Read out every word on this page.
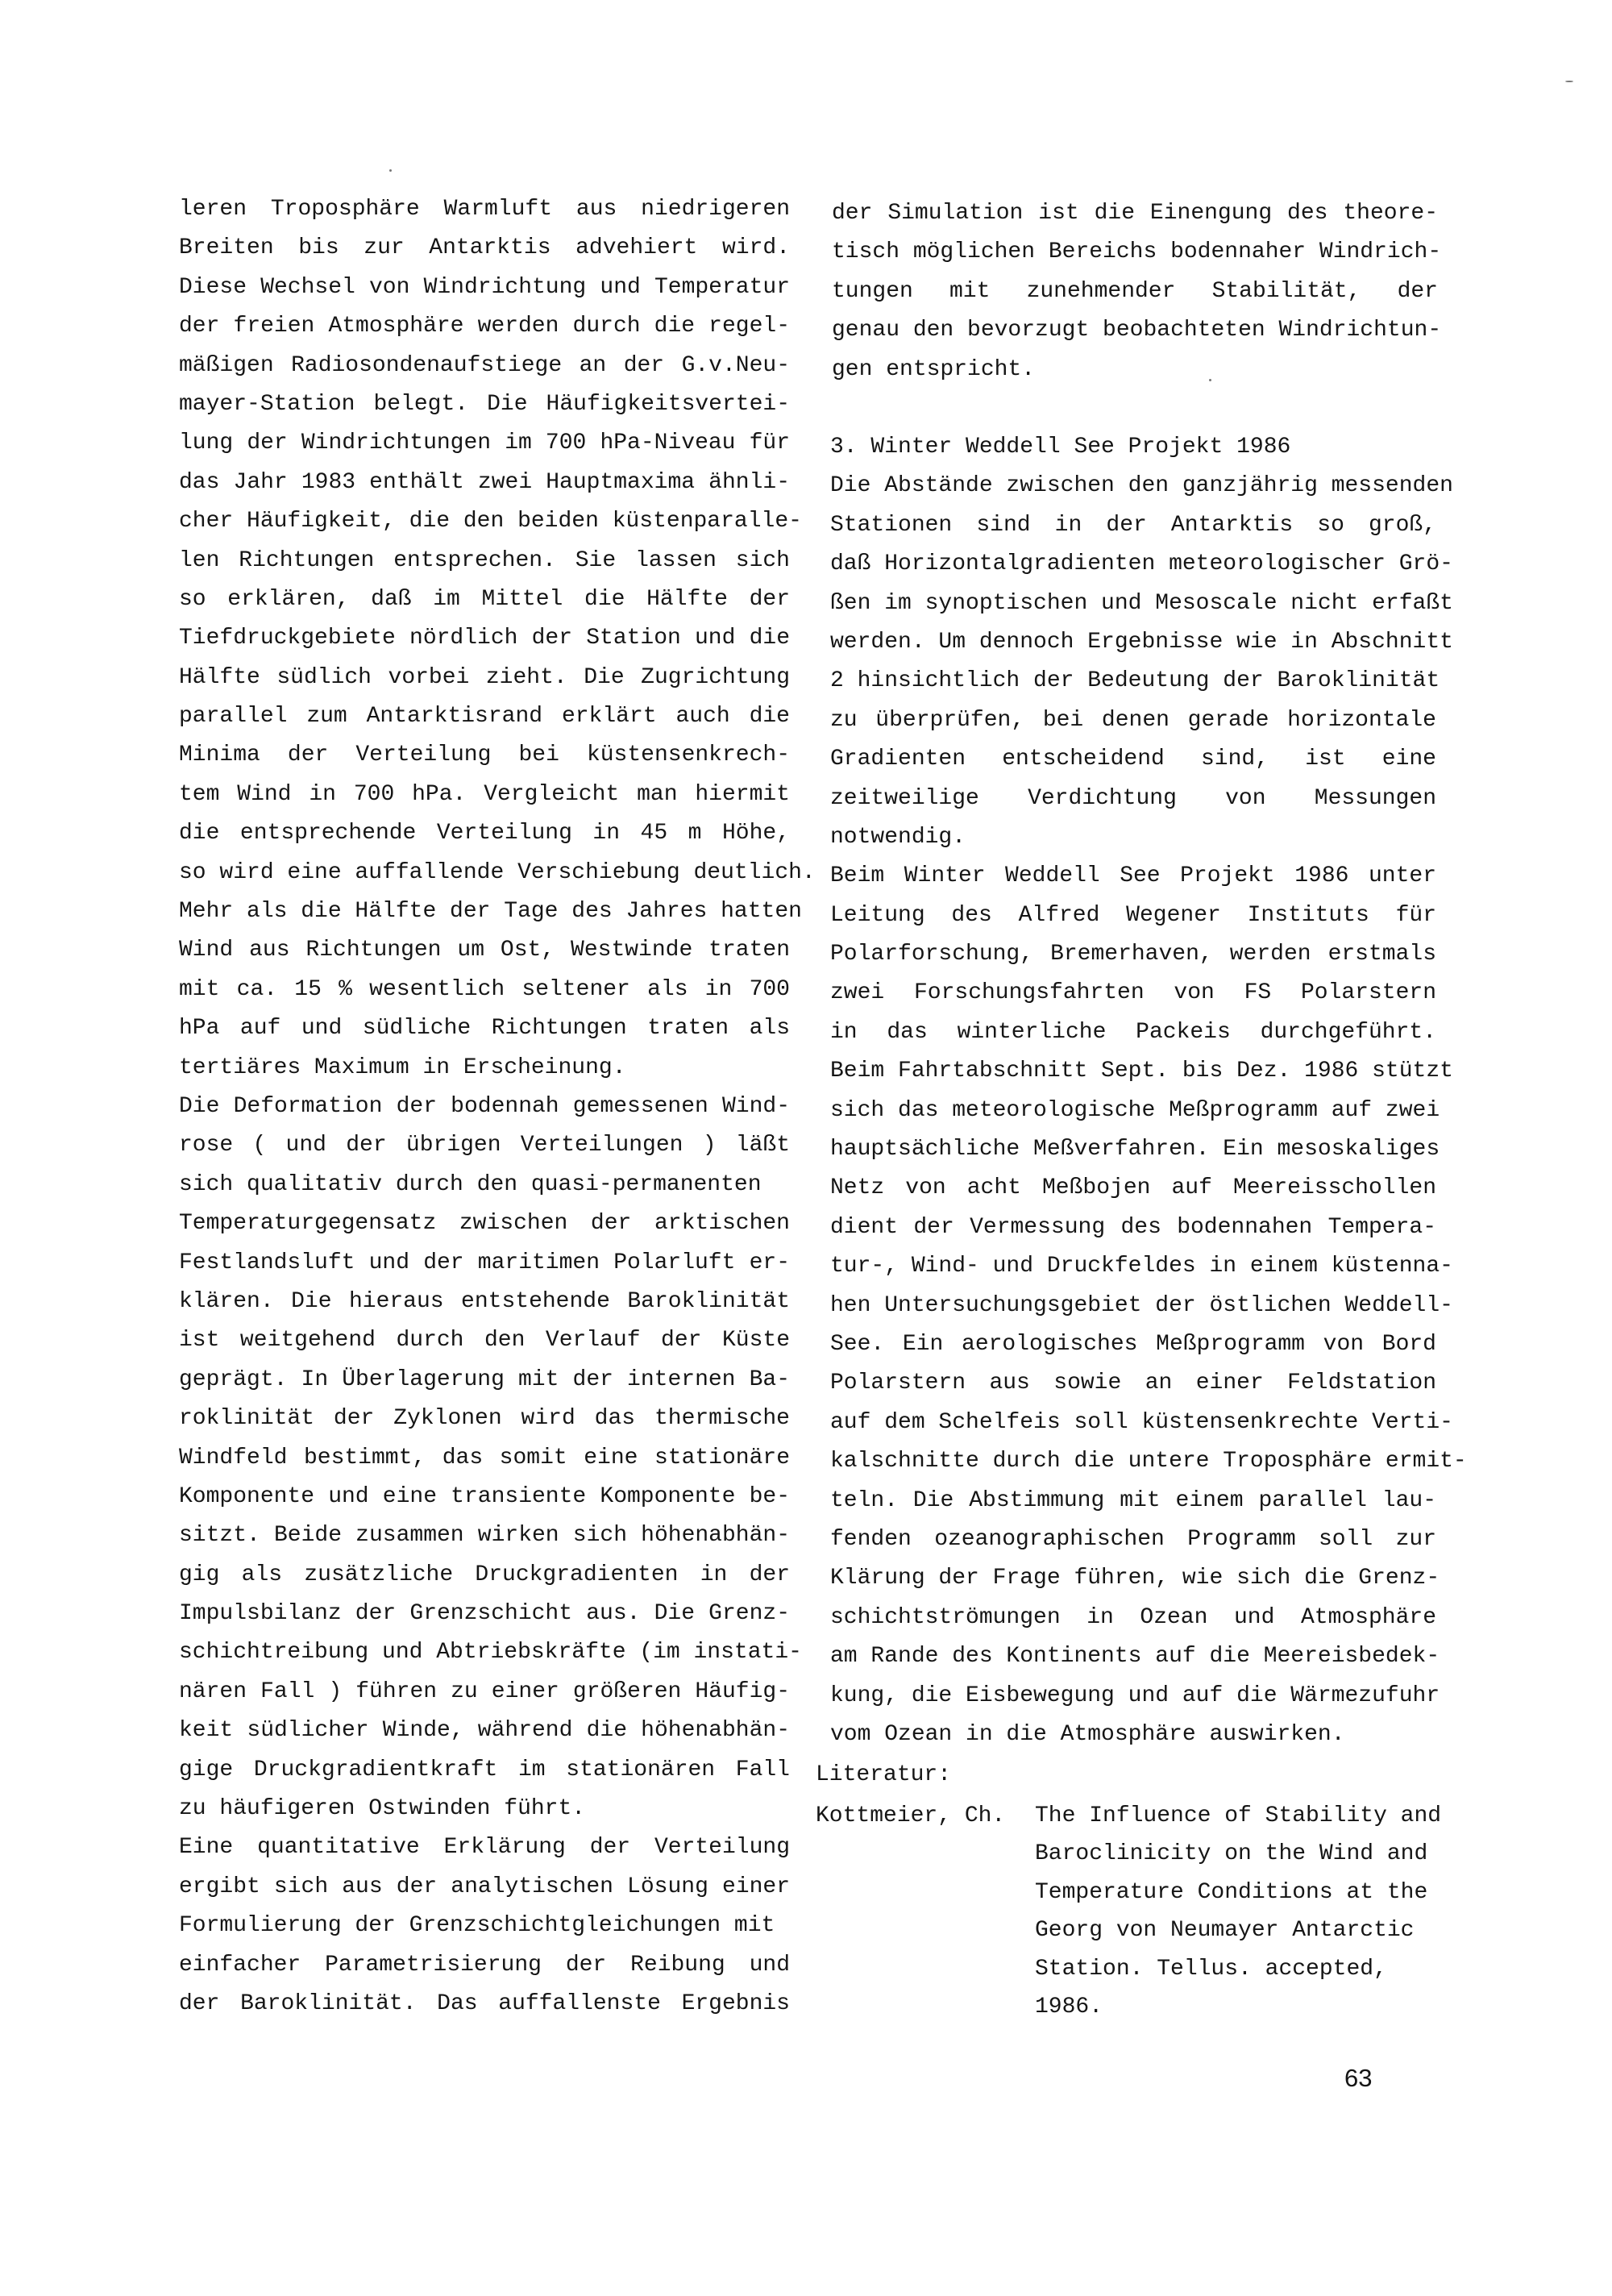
leren Troposphäre Warmluft aus niedrigeren
Breiten bis zur Antarktis advehiert wird.
Diese Wechsel von Windrichtung und Temperatur
der freien Atmosphäre werden durch die regel-
mäßigen Radiosondenaufstiege an der G.v.Neu-
mayer-Station belegt. Die Häufigkeitsvertei-
lung der Windrichtungen im 700 hPa-Niveau für
das Jahr 1983 enthält zwei Hauptmaxima ähnli-
cher Häufigkeit, die den beiden küstenparalle-
len Richtungen entsprechen. Sie lassen sich
so erklären, daß im Mittel die Hälfte der
Tiefdruckgebiete nördlich der Station und die
Hälfte südlich vorbei zieht. Die Zugrichtung
parallel zum Antarktisrand erklärt auch die
Minima der Verteilung bei küstensenkrech-
tem Wind in 700 hPa. Vergleicht man hiermit
die entsprechende Verteilung in 45 m Höhe,
so wird eine auffallende Verschiebung deutlich.
Mehr als die Hälfte der Tage des Jahres hatten
Wind aus Richtungen um Ost, Westwinde traten
mit ca. 15 % wesentlich seltener als in 700
hPa auf und südliche Richtungen traten als
tertiäres Maximum in Erscheinung.
Die Deformation der bodennah gemessenen Wind-
rose ( und der übrigen Verteilungen ) läßt
sich qualitativ durch den quasi-permanenten
Temperaturgegensatz zwischen der arktischen
Festlandsluft und der maritimen Polarluft er-
klären. Die hieraus entstehende Baroklinität
ist weitgehend durch den Verlauf der Küste
geprägt. In Überlagerung mit der internen Ba-
roklinität der Zyklonen wird das thermische
Windfeld bestimmt, das somit eine stationäre
Komponente und eine transiente Komponente be-
sitzt. Beide zusammen wirken sich höhenabhän-
gig als zusätzliche Druckgradienten in der
Impulsbilanz der Grenzschicht aus. Die Grenz-
schichtreibung und Abtriebskräfte (im instati-
nären Fall ) führen zu einer größeren Häufig-
keit südlicher Winde, während die höhenabhän-
gige Druckgradientkraft im stationären Fall
zu häufigeren Ostwinden führt.
Eine quantitative Erklärung der Verteilung
ergibt sich aus der analytischen Lösung einer
Formulierung der Grenzschichtgleichungen mit
einfacher Parametrisierung der Reibung und
der Baroklinität. Das auffallenste Ergebnis
der Simulation ist die Einengung des theore-
tisch möglichen Bereichs bodennaher Windrich-
tungen mit zunehmender Stabilität, der
genau den bevorzugt beobachteten Windrichtun-
gen entspricht.
3. Winter Weddell See Projekt 1986
Die Abstände zwischen den ganzjährig messenden
Stationen sind in der Antarktis so groß,
daß Horizontalgradienten meteorologischer Grö-
ßen im synoptischen und Mesoscale nicht erfaßt
werden. Um dennoch Ergebnisse wie in Abschnitt
2 hinsichtlich der Bedeutung der Baroklinität
zu überprüfen, bei denen gerade horizontale
Gradienten entscheidend sind, ist eine
zeitweilige Verdichtung von Messungen
notwendig.
Beim Winter Weddell See Projekt 1986 unter
Leitung des Alfred Wegener Instituts für
Polarforschung, Bremerhaven, werden erstmals
zwei Forschungsfahrten von FS Polarstern
in das winterliche Packeis durchgeführt.
Beim Fahrtabschnitt Sept. bis Dez. 1986 stützt
sich das meteorologische Meßprogramm auf zwei
hauptsächliche Meßverfahren. Ein mesoskaliges
Netz von acht Meßbojen auf Meereisschollen
dient der Vermessung des bodennahen Tempera-
tur-, Wind- und Druckfeldes in einem küstenna-
hen Untersuchungsgebiet der östlichen Weddell-
See. Ein aerologisches Meßprogramm von Bord
Polarstern aus sowie an einer Feldstation
auf dem Schelfeis soll küstensenkrechte Verti-
kalschnitte durch die untere Troposphäre ermit-
teln. Die Abstimmung mit einem parallel lau-
fenden ozeanographischen Programm soll zur
Klärung der Frage führen, wie sich die Grenz-
schichtströmungen in Ozean und Atmosphäre
am Rande des Kontinents auf die Meereisbedek-
kung, die Eisbewegung und auf die Wärmezufuhr
vom Ozean in die Atmosphäre auswirken.
Literatur:
Kottmeier, Ch.	The Influence of Stability and
Baroclinicity on the Wind and
Temperature Conditions at the
Georg von Neumayer Antarctic
Station. Tellus. accepted,
1986.
63
